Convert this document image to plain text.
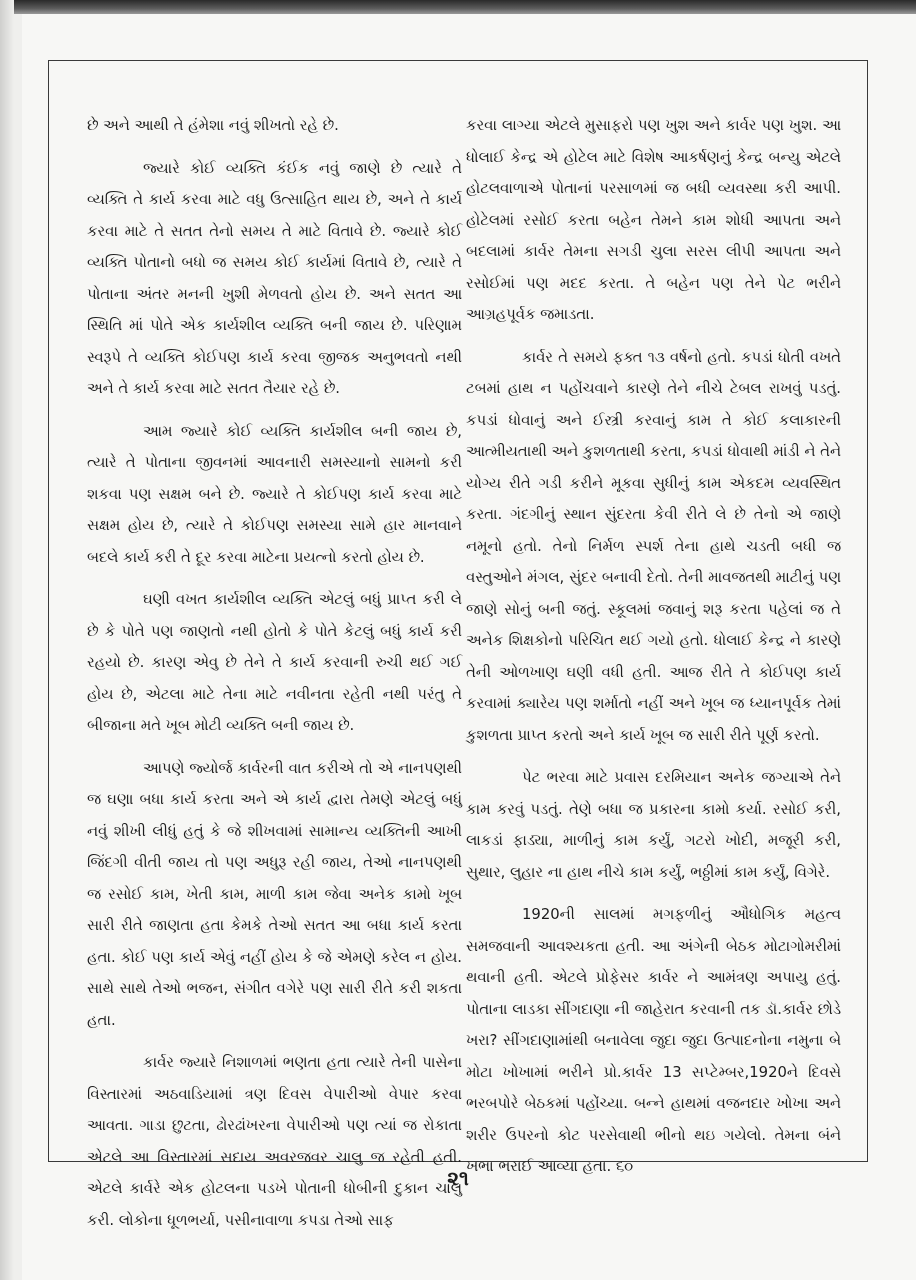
છે અને આથી તે હંમેશા નવું શીખતો રહે છે.

જ્યારે કોઈ વ્યક્તિ કંઈક નવું જાણે છે ત્યારે તે વ્યક્તિ તે કાર્ય કરવા માટે વધુ ઉત્સાહિત થાય છે, અને તે કાર્ય કરવા માટે તે સતત તેનો સમય તે માટે વિતાવે છે. જ્યારે કોઈ વ્યક્તિ પોતાનો બધો જ સમય કોઈ કાર્યમાં વિતાવે છે, ત્યારે તે પોતાના અંતર મનની ખુશી મેળવતો હોય છે. અને સતત આ સ્થિતિ માં પોતે એક કાર્યશીલ વ્યક્તિ બની જાય છે. પરિણામ સ્વરૂપે તે વ્યક્તિ કોઈપણ કાર્ય કરવા જીજક અનુભવતો નથી અને તે કાર્ય કરવા માટે સતત તૈયાર રહે છે.

આમ જ્યારે કોઈ વ્યક્તિ કાર્યશીલ બની જાય છે, ત્યારે તે પોતાના જીવનમાં આવનારી સમસ્યાનો સામનો કરી શકવા પણ સક્ષમ બને છે. જ્યારે તે કોઈપણ કાર્ય કરવા માટે સક્ષમ હોય છે, ત્યારે તે કોઈપણ સમસ્યા સામે હાર માનવાને બદલે કાર્ય કરી તે દૂર કરવા માટેના પ્રયત્નો કરતો હોય છે.

ઘણી વખત કાર્યશીલ વ્યક્તિ એટલું બધું પ્રાપ્ત કરી લે છે કે પોતે પણ જાણતો નથી હોતો કે પોતે કેટલું બધું કાર્ય કરી રહયો છે. કારણ એવુ છે તેને તે કાર્ય કરવાની રુચી થઈ ગઈ હોય છે, એટલા માટે તેના માટે નવીનતા રહેતી નથી પરંતુ તે બીજાના મતે ખૂબ મોટી વ્યક્તિ બની જાય છે.

આપણે જ્યોર્જ કાર્વરની વાત કરીએ તો એ નાનપણથી જ ઘણા બધા કાર્ય કરતા અને એ કાર્ય દ્વારા તેમણે એટલું બધું નવું શીખી લીધું હતું કે જે શીખવામાં સામાન્ય વ્યક્તિની આખી જિંદગી વીતી જાય તો પણ અધુરૂ રહી જાય, તેઓ નાનપણથી જ રસોઈ કામ, ખેતી કામ, માળી કામ જેવા અનેક કામો ખૂબ સારી રીતે જાણતા હતા કેમકે તેઓ સતત આ બધા કાર્ય કરતા હતા. કોઈ પણ કાર્ય એવું નહીં હોય કે જે એમણે કરેલ ન હોય. સાથે સાથે તેઓ ભજન, સંગીત વગેરે પણ સારી રીતે કરી શકતા હતા.

કાર્વર જ્યારે નિશાળમાં ભણતા હતા ત્યારે તેની પાસેના વિસ્તારમાં અઠવાડિયામાં ત્રણ દિવસ વેપારીઓ વેપાર કરવા આવતા. ગાડા છુટતા, ઢોરઢાંખરના વેપારીઓ પણ ત્યાં જ રોકાતા એટલે આ વિસ્તારમાં સદાય અવરજવર ચાલુ જ રહેતી હતી. એટલે કાર્વરે એક હોટલના પડખે પોતાની ધોબીની દુકાન ચાલુ કરી. લોકોના ધૂળભર્યા, પસીનાવાળા કપડા તેઓ સાફ

કરવા લાગ્યા એટલે મુસાફરો પણ ખુશ અને કાર્વર પણ ખુશ. આ ધોલાઈ કેન્દ્ર એ હોટેલ માટે વિશેષ આકર્ષણનું કેન્દ્ર બન્યુ એટલે હોટલવાળાએ પોતાનાં પરસાળમાં જ બધી વ્યવસ્થા કરી આપી. હોટેલમાં રસોઈ કરતા બહેન તેમને કામ શોધી આપતા અને બદલામાં કાર્વર તેમના સગડી ચુલા સરસ લીપી આપતા અને રસોઈમાં પણ મદદ કરતા. તે બહેન પણ તેને પેટ ભરીને આગ્રહપૂર્વક જમાડતા.

કાર્વર તે સમયે ફક્ત ૧૩ વર્ષનો હતો. કપડાં ધોતી વખતે ટબમાં હાથ ન પહોંચવાને કારણે તેને નીચે ટેબલ રાખવું પડતું. કપડાં ધોવાનું અને ઈસ્ત્રી કરવાનું કામ તે કોઈ કલાકારની આત્મીયતાથી અને કુશળતાથી કરતા, કપડાં ધોવાથી માંડી ને તેને યોગ્ય રીતે ગડી કરીને મૂકવા સુધીનું કામ એકદમ વ્યવસ્થિત કરતા. ગંદગીનું સ્થાન સુંદરતા કેવી રીતે લે છે તેનો એ જાણે નમૂનો હતો. તેનો નિર્મળ સ્પર્શ તેના હાથે ચડતી બધી જ વસ્તુઓને મંગલ, સુંદર બનાવી દેતો. તેની માવજતથી માટીનું પણ જાણે સોનું બની જતું. સ્કૂલમાં જવાનું શરૂ કરતા પહેલાં જ તે અનેક શિક્ષકોનો પરિચિત થઈ ગયો હતો. ધોલાઈ કેન્દ્ર ને કારણે તેની ઓળખાણ ઘણી વધી હતી. આજ રીતે તે કોઈપણ કાર્ય કરવામાં ક્યારેય પણ શર્માતો નહીં અને ખૂબ જ ધ્યાનપૂર્વક તેમાં કુશળતા પ્રાપ્ત કરતો અને કાર્ય ખૂબ જ સારી રીતે પૂર્ણ કરતો.

પેટ ભરવા માટે પ્રવાસ દરમિયાન અનેક જગ્યાએ તેને કામ કરવું પડતું. તેણે બધા જ પ્રકારના કામો કર્યા. રસોઈ કરી, લાકડાં ફાડ્યા, માળીનું કામ કર્યું, ગટરો ખોદી, મજૂરી કરી, સુથાર, લુહાર ના હાથ નીચે કામ કર્યું, ભઠ્ઠીમાં કામ કર્યું, વિગેરે.

1920ની સાલમાં મગફળીનું ઔધોગિક મહત્વ સમજવાની આવશ્યકતા હતી. આ અંગેની બેઠક મોટાગોમરીમાં થવાની હતી. એટલે પ્રોફેસર કાર્વર ને આમંત્રણ અપાયુ હતું. પોતાના લાડકા સીંગદાણા ની જાહેરાત કરવાની તક ડૉ.કાર્વર છોડે ખરા? સીંગદાણામાંથી બનાવેલા જુદા જુદા ઉત્પાદનોના નમુના બે મોટા ખોખામાં ભરીને પ્રો.કાર્વર 13 સપ્ટેમ્બર,1920ને દિવસે ભરબપોરે બેઠકમાં પહોંચ્યા. બન્ને હાથમાં વજનદાર ખોખા અને શરીર ઉપરનો કોટ પરસેવાથી ભીનો થઇ ગયેલો. તેમના બંને ખભા ભરાઈ આવ્યા હતા. ૬૦

૨૧
